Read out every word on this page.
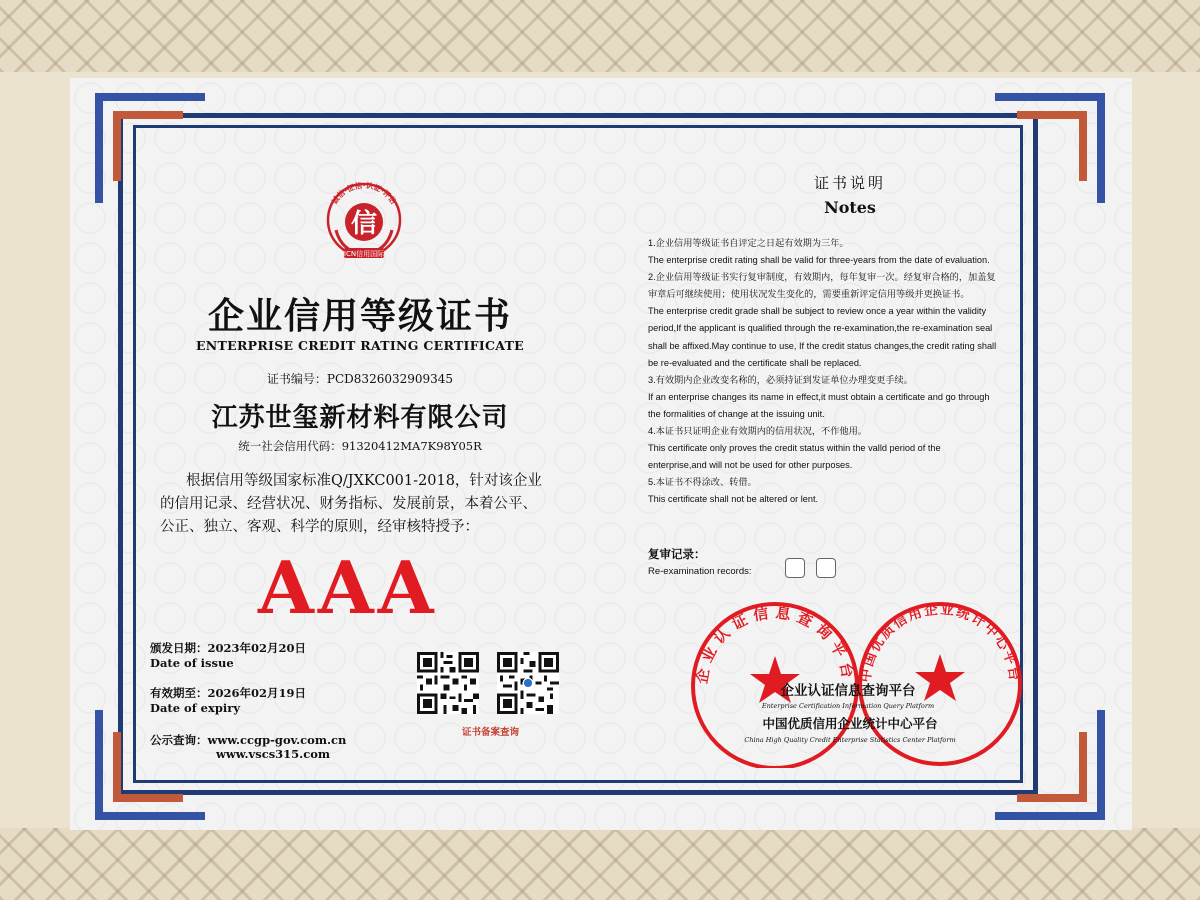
诚信·征信·认证·评估
信
ICN信用国际
企业信用等级证书
ENTERPRISE CREDIT RATING CERTIFICATE
证书编号：PCD8326032909345
江苏世玺新材料有限公司
统一社会信用代码：91320412MA7K98Y05R
根据信用等级国家标准Q/JXKC001-2018，针对该企业
的信用记录、经营状况、财务指标、发展前景，本着公平、
公正、独立、客观、科学的原则，经审核特授予：
AAA
颁发日期：2023年02月20日
Date of issue
有效期至：2026年02月19日
Date of expiry
公示查询：www.ccgp-gov.com.cn
www.vscs315.com
证书备案查询
证书说明
Notes
1.企业信用等级证书自评定之日起有效期为三年。
The enterprise credit rating shall be valid for three-years from the date of evaluation.
2.企业信用等级证书实行复审制度，有效期内，每年复审一次。经复审合格的，加盖复
审章后可继续使用；使用状况发生变化的，需要重新评定信用等级并更换证书。
The enterprise credit grade shall be subject to review once a year within the validity
period,If the applicant is qualified through the re-examination,the re-examination seal
shall be affixed.May continue to use, If the credit status changes,the credit rating shall
be re-evaluated and the certificate shall be replaced.
3.有效期内企业改变名称的，必须持证到发证单位办理变更手续。
If an enterprise changes its name in effect,it must obtain a certificate and go through
the formalities of change at the issuing unit.
4.本证书只证明企业有效期内的信用状况，不作他用。
This certificate only proves the credit status within the valld period of the
enterprise,and will not be used for other purposes.
5.本证书不得涂改、转借。
This certificate shall not be altered or lent.
复审记录：
Re-examination records:
企业认证信息查询平台 中国优质信用企业统计中心平台
企业认证信息查询平台
Enterprise Certification Information Query Platform
中国优质信用企业统计中心平台
China High Quality Credit Enterprise Statistics Center Platform
